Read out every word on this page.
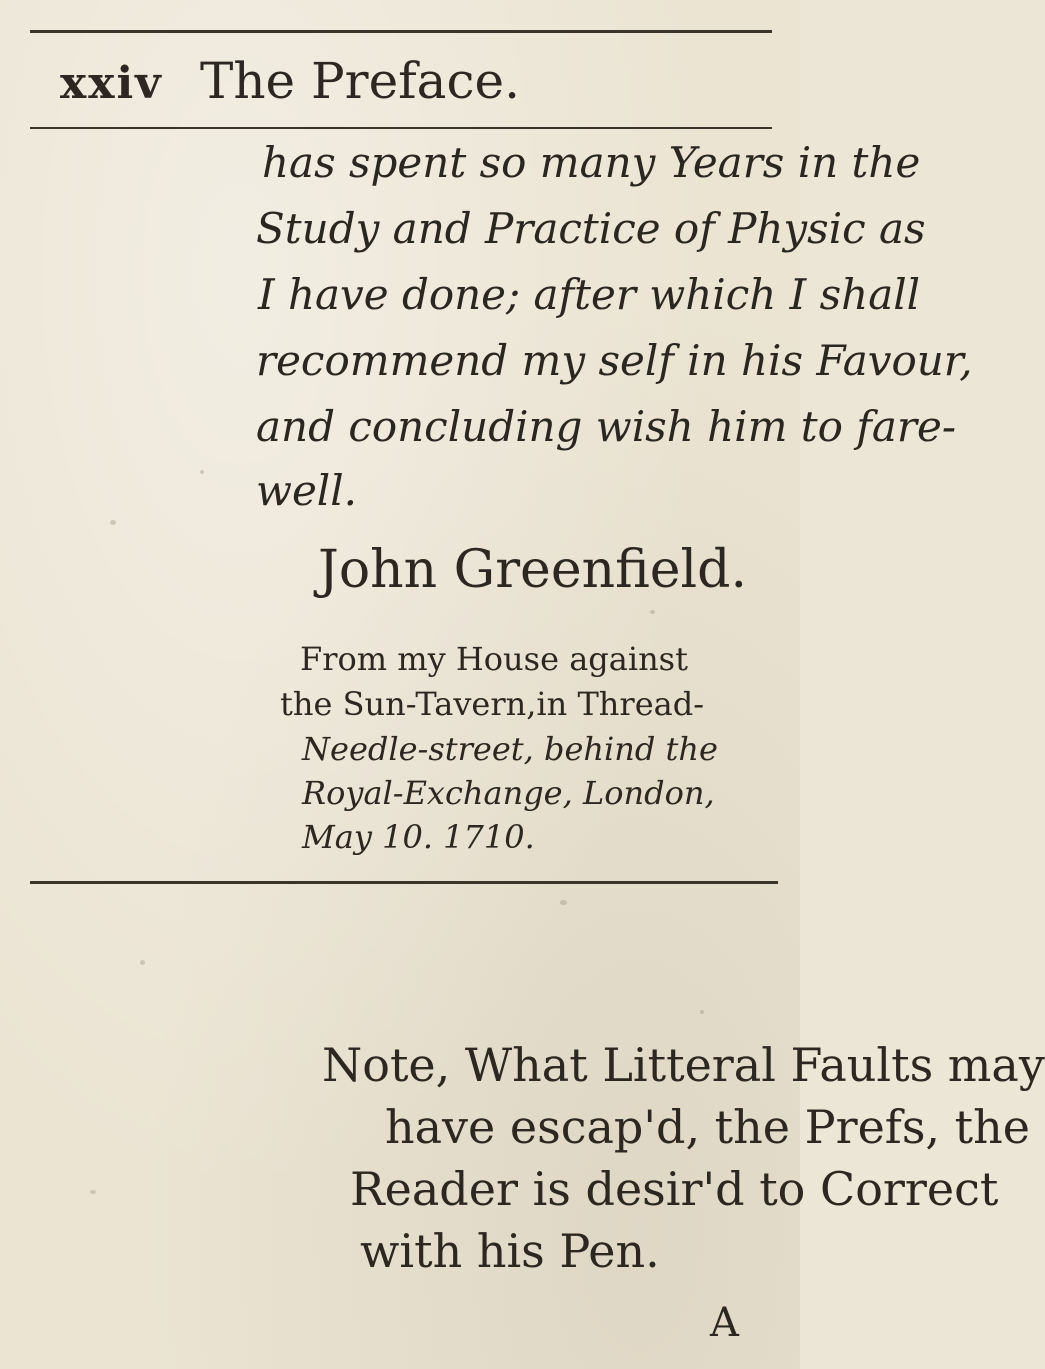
xxiv The Preface.
has spent so many Years in the
Study and Practice of Physic as
I have done; after which I shall
recommend my self in his Favour,
and concluding wish him to fare-
well.
John Greenfield.
From my House against
the Sun-Tavern,in Thread-
Needle-street, behind the
Royal-Exchange, London,
May 10. 1710.
Note, What Litteral Faults may
have escap'd, the Prefs, the
Reader is desir'd to Correct
with his Pen.
A
